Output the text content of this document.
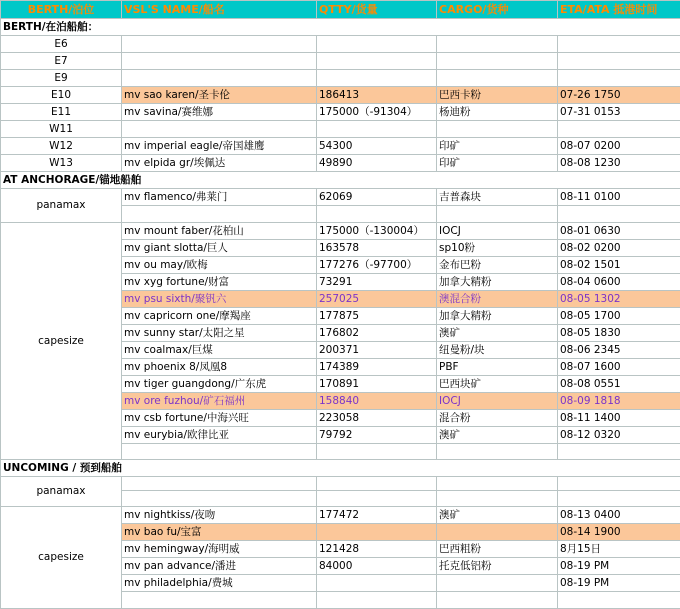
BERTH/泊位	VSL'S NAME/船名	QTTY/货量	CARGO/货种	ETA/ATA 抵港时间
BERTH/在泊船舶：				
E6				
E7				
E9				
E10	mv sao karen/圣卡伦	186413	巴西卡粉	07-26 1750
E11	mv savina/赛维娜	175000（-91304）	杨迪粉	07-31 0153
W11				
W12	mv imperial eagle/帝国雄鹰	54300	印矿	08-07 0200
W13	mv elpida gr/埃佩达	49890	印矿	08-08 1230
AT ANCHORAGE/锚地船舶				
panamax	mv flamenco/弗莱门	62069	吉普森块	08-11 0100

capesize	mv mount faber/花柏山	175000（-130004）	IOCJ	08-01 0630
	mv giant slotta/巨人	163578	sp10粉	08-02 0200
	mv ou may/欧梅	177276（-97700）	金布巴粉	08-02 1501
	mv xyg fortune/财富	73291	加拿大精粉	08-04 0600
	mv psu sixth/聚钒六	257025	澳混合粉	08-05 1302
	mv capricorn one/摩羯座	177875	加拿大精粉	08-05 1700
	mv sunny star/太阳之星	176802	澳矿	08-05 1830
	mv coalmax/巨煤	200371	纽曼粉/块	08-06 2345
	mv phoenix 8/凤凰8	174389	PBF	08-07 1600
	mv tiger guangdong/广东虎	170891	巴西块矿	08-08 0551
	mv ore fuzhou/矿石福州	158840	IOCJ	08-09 1818
	mv csb fortune/中海兴旺	223058	混合粉	08-11 1400
	mv eurybia/欧律比亚	79792	澳矿	08-12 0320

UNCOMING / 预到船舶				
panamax				

capesize	mv nightkiss/夜吻	177472	澳矿	08-13 0400
	mv bao fu/宝富			08-14 1900
	mv hemingway/海明威	121428	巴西粗粉	8月15日
	mv pan advance/潘进	84000	托克低铝粉	08-19 PM
	mv philadelphia/费城			08-19 PM
